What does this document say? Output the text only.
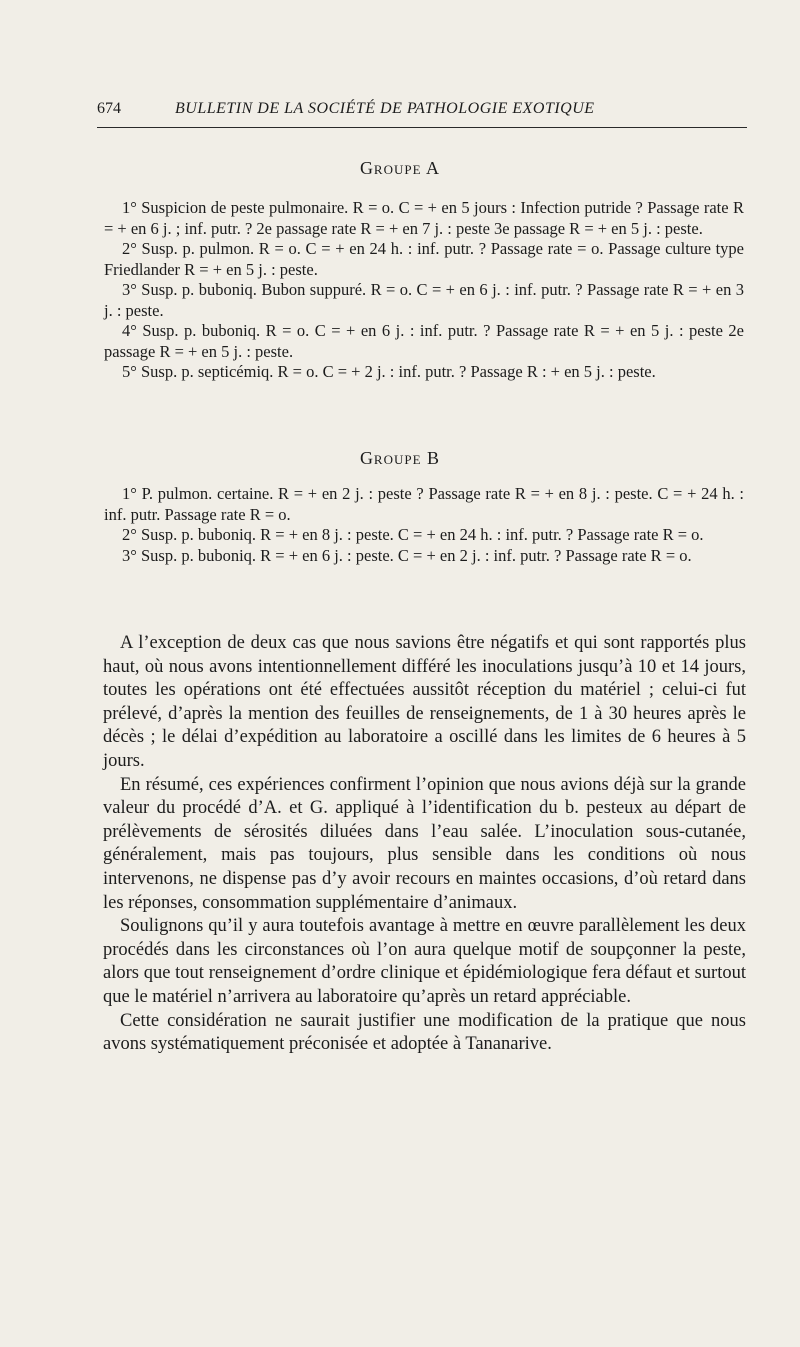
674	BULLETIN DE LA SOCIÉTÉ DE PATHOLOGIE EXOTIQUE
Groupe A

1° Suspicion de peste pulmonaire. R = o. C = + en 5 jours : Infection putride ? Passage rate R = + en 6 j. ; inf. putr. ? 2e passage rate R = + en 7 j. : peste 3e passage R = + en 5 j. : peste.

2° Susp. p. pulmon. R = o. C = + en 24 h. : inf. putr. ? Passage rate = o. Passage culture type Friedlander R = + en 5 j. : peste.

3° Susp. p. buboniq. Bubon suppuré. R = o. C = + en 6 j. : inf. putr. ? Passage rate R = + en 3 j. : peste.

4° Susp. p. buboniq. R = o. C = + en 6 j. : inf. putr. ? Passage rate R = + en 5 j. : peste 2e passage R = + en 5 j. : peste.

5° Susp. p. septicémiq. R = o. C = + 2 j. : inf. putr. ? Passage R : + en 5 j. : peste.

Groupe B

1° P. pulmon. certaine. R = + en 2 j. : peste ? Passage rate R = + en 8 j. : peste. C = + 24 h. : inf. putr. Passage rate R = o.

2° Susp. p. buboniq. R = + en 8 j. : peste. C = + en 24 h. : inf. putr. ? Passage rate R = o.

3° Susp. p. buboniq. R = + en 6 j. : peste. C = + en 2 j. : inf. putr. ? Passage rate R = o.

A l’exception de deux cas que nous savions être négatifs et qui sont rapportés plus haut, où nous avons intentionnellement différé les inoculations jusqu’à 10 et 14 jours, toutes les opérations ont été effectuées aussitôt réception du matériel ; celui-ci fut prélevé, d’après la mention des feuilles de renseignements, de 1 à 30 heures après le décès ; le délai d’expédition au laboratoire a oscillé dans les limites de 6 heures à 5 jours.

En résumé, ces expériences confirment l’opinion que nous avions déjà sur la grande valeur du procédé d’A. et G. appliqué à l’identification du b. pesteux au départ de prélèvements de sérosités diluées dans l’eau salée. L’inoculation sous-cutanée, généralement, mais pas toujours, plus sensible dans les conditions où nous intervenons, ne dispense pas d’y avoir recours en maintes occasions, d’où retard dans les réponses, consommation supplémentaire d’animaux.

Soulignons qu’il y aura toutefois avantage à mettre en œuvre parallèlement les deux procédés dans les circonstances où l’on aura quelque motif de soupçonner la peste, alors que tout renseignement d’ordre clinique et épidémiologique fera défaut et surtout que le matériel n’arrivera au laboratoire qu’après un retard appréciable.

Cette considération ne saurait justifier une modification de la pratique que nous avons systématiquement préconisée et adoptée à Tananarive.
